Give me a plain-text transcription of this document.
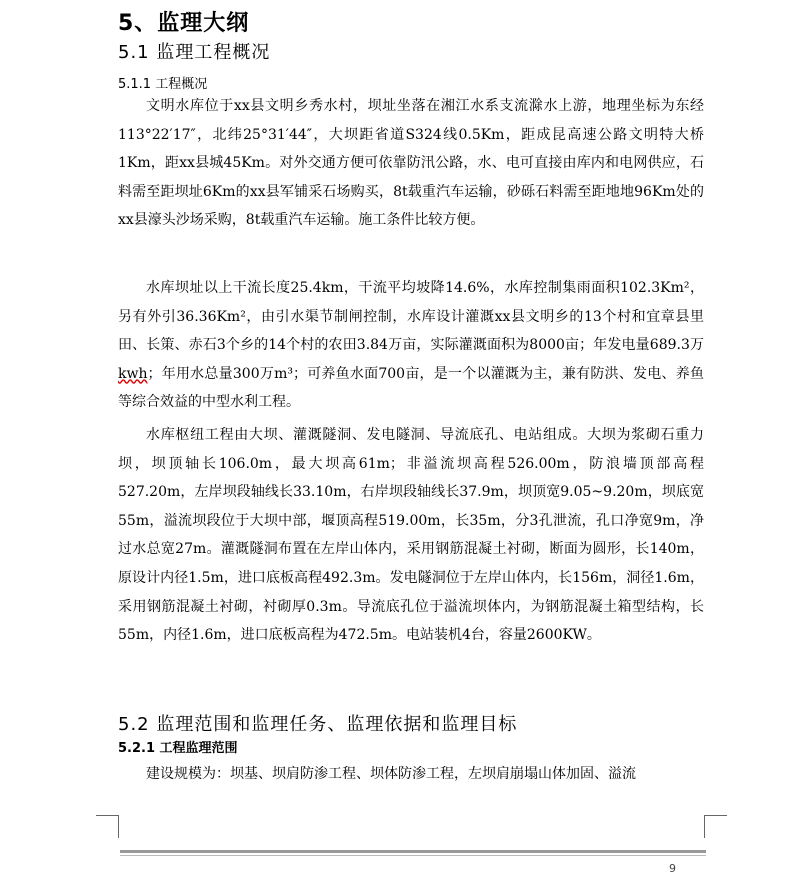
5、监理大纲
5.1 监理工程概况
5.1.1 工程概况

文明水库位于xx县文明乡秀水村，坝址坐落在湘江水系支流滁水上游，地理坐标为东经113°22′17″，北纬25°31′44″，大坝距省道S324线0.5Km，距成昆高速公路文明特大桥1Km，距xx县城45Km。对外交通方便可依靠防汛公路，水、电可直接由库内和电网供应，石料需至距坝址6Km的xx县军铺采石场购买，8t载重汽车运输，砂砾石料需至距地地96Km处的xx县濠头沙场采购，8t载重汽车运输。施工条件比较方便。

水库坝址以上干流长度25.4km，干流平均坡降14.6%，水库控制集雨面积102.3Km²，另有外引36.36Km²，由引水渠节制闸控制，水库设计灌溉xx县文明乡的13个村和宜章县里田、长策、赤石3个乡的14个村的农田3.84万亩，实际灌溉面积为8000亩；年发电量689.3万kwh；年用水总量300万m³；可养鱼水面700亩，是一个以灌溉为主，兼有防洪、发电、养鱼等综合效益的中型水利工程。

水库枢纽工程由大坝、灌溉隧洞、发电隧洞、导流底孔、电站组成。大坝为浆砌石重力坝，坝顶轴长106.0m，最大坝高61m；非溢流坝高程526.00m，防浪墙顶部高程527.20m，左岸坝段轴线长33.10m，右岸坝段轴线长37.9m，坝顶宽9.05~9.20m，坝底宽55m，溢流坝段位于大坝中部，堰顶高程519.00m，长35m，分3孔泄流，孔口净宽9m，净过水总宽27m。灌溉隧洞布置在左岸山体内，采用钢筋混凝土衬砌，断面为圆形，长140m，原设计内径1.5m，进口底板高程492.3m。发电隧洞位于左岸山体内，长156m，洞径1.6m，采用钢筋混凝土衬砌，衬砌厚0.3m。导流底孔位于溢流坝体内，为钢筋混凝土箱型结构，长55m，内径1.6m，进口底板高程为472.5m。电站装机4台，容量2600KW。

5.2 监理范围和监理任务、监理依据和监理目标
5.2.1 工程监理范围

建设规模为：坝基、坝肩防渗工程、坝体防渗工程，左坝肩崩塌山体加固、溢流

9
